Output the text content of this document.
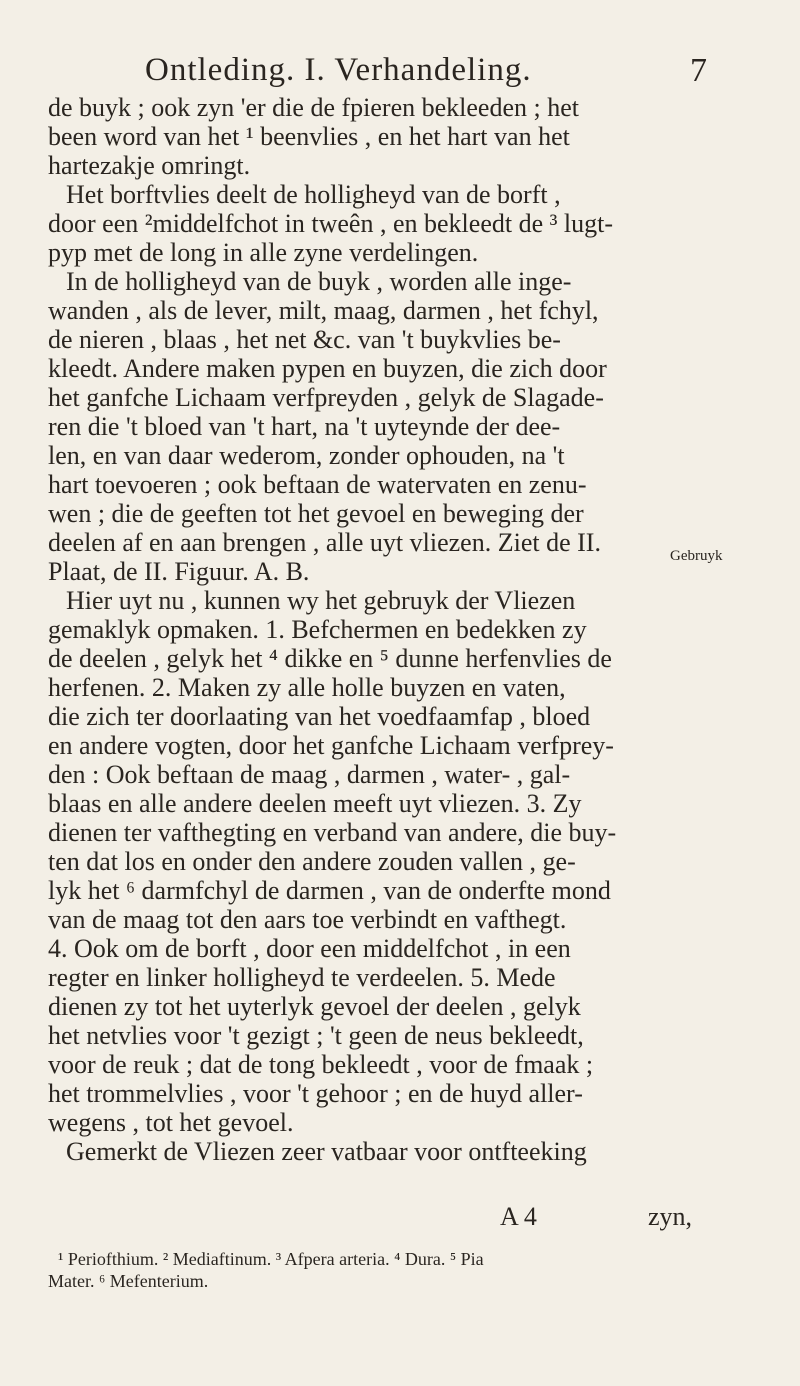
Ontleding. I. Verhandeling.	7
de buyk ; ook zyn 'er die de fpieren bekleeden ; het
been word van het ¹ beenvlies , en het hart van het
hartezakje omringt.
Het borftvlies deelt de holligheyd van de borft ,
door een ²middelfchot in tweên , en bekleedt de ³ lugt-
pyp met de long in alle zyne verdelingen.
In de holligheyd van de buyk , worden alle inge-
wanden , als de lever, milt, maag, darmen , het fchyl,
de nieren , blaas , het net &c. van 't buykvlies be-
kleedt. Andere maken pypen en buyzen, die zich door
het ganfche Lichaam verfpreyden , gelyk de Slagade-
ren die 't bloed van 't hart, na 't uyteynde der dee-
len, en van daar wederom, zonder ophouden, na 't
hart toevoeren ; ook beftaan de watervaten en zenu-
wen ; die de geeften tot het gevoel en beweging der
deelen af en aan brengen , alle uyt vliezen. Ziet de II.
Plaat, de II. Figuur. A. B.
Hier uyt nu , kunnen wy het gebruyk der Vliezen
gemaklyk opmaken. 1. Befchermen en bedekken zy
de deelen , gelyk het ⁴ dikke en ⁵ dunne herfenvlies de
herfenen. 2. Maken zy alle holle buyzen en vaten,
die zich ter doorlaating van het voedfaamfap , bloed
en andere vogten, door het ganfche Lichaam verfprey-
den : Ook beftaan de maag , darmen , water- , gal-
blaas en alle andere deelen meeft uyt vliezen. 3. Zy
dienen ter vafthegting en verband van andere, die buy-
ten dat los en onder den andere zouden vallen , ge-
lyk het ⁶ darmfchyl de darmen , van de onderfte mond
van de maag tot den aars toe verbindt en vafthegt.
4. Ook om de borft , door een middelfchot , in een
regter en linker holligheyd te verdeelen. 5. Mede
dienen zy tot het uyterlyk gevoel der deelen , gelyk
het netvlies voor 't gezigt ; 't geen de neus bekleedt,
voor de reuk ; dat de tong bekleedt , voor de fmaak ;
het trommelvlies , voor 't gehoor ; en de huyd aller-
wegens , tot het gevoel.
Gemerkt de Vliezen zeer vatbaar voor ontfteeking
Gebruyk
A 4	zyn,
¹ Periofthium. ² Mediaftinum. ³ Afpera arteria. ⁴ Dura. ⁵ Pia
Mater. ⁶ Mefenterium.
